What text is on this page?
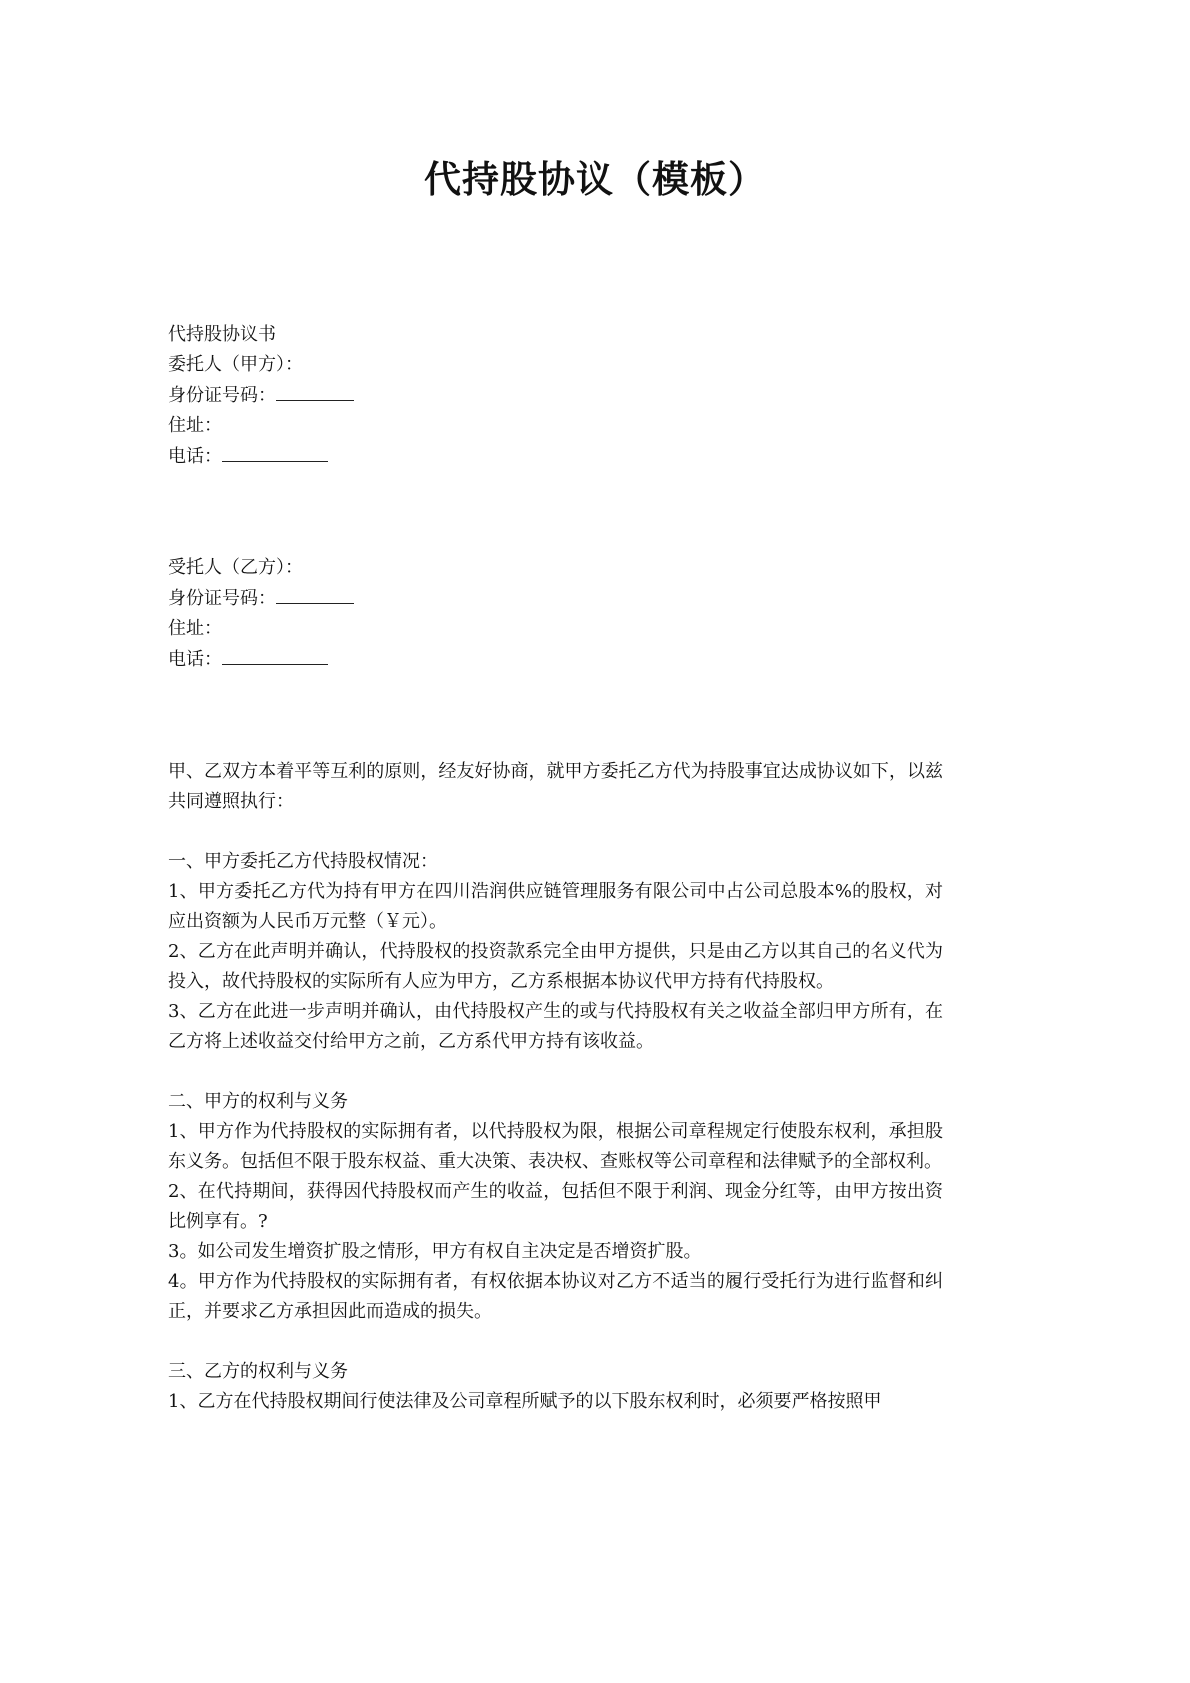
代持股协议（模板）
代持股协议书
委托人（甲方）：
身份证号码：
住址：
电话：
受托人（乙方）：
身份证号码：
住址：
电话：
甲、乙双方本着平等互利的原则，经友好协商，就甲方委托乙方代为持股事宜达成协议如下，以兹共同遵照执行：
一、甲方委托乙方代持股权情况：
1、甲方委托乙方代为持有甲方在四川浩润供应链管理服务有限公司中占公司总股本%的股权，对应出资额为人民币万元整（￥元）。
2、乙方在此声明并确认，代持股权的投资款系完全由甲方提供，只是由乙方以其自己的名义代为投入，故代持股权的实际所有人应为甲方，乙方系根据本协议代甲方持有代持股权。
3、乙方在此进一步声明并确认，由代持股权产生的或与代持股权有关之收益全部归甲方所有，在乙方将上述收益交付给甲方之前，乙方系代甲方持有该收益。
二、甲方的权利与义务
1、甲方作为代持股权的实际拥有者，以代持股权为限，根据公司章程规定行使股东权利，承担股东义务。包括但不限于股东权益、重大决策、表决权、查账权等公司章程和法律赋予的全部权利。
2、在代持期间，获得因代持股权而产生的收益，包括但不限于利润、现金分红等，由甲方按出资比例享有。?
3。如公司发生增资扩股之情形，甲方有权自主决定是否增资扩股。
4。甲方作为代持股权的实际拥有者，有权依据本协议对乙方不适当的履行受托行为进行监督和纠正，并要求乙方承担因此而造成的损失。
三、乙方的权利与义务
1、乙方在代持股权期间行使法律及公司章程所赋予的以下股东权利时，必须要严格按照甲
